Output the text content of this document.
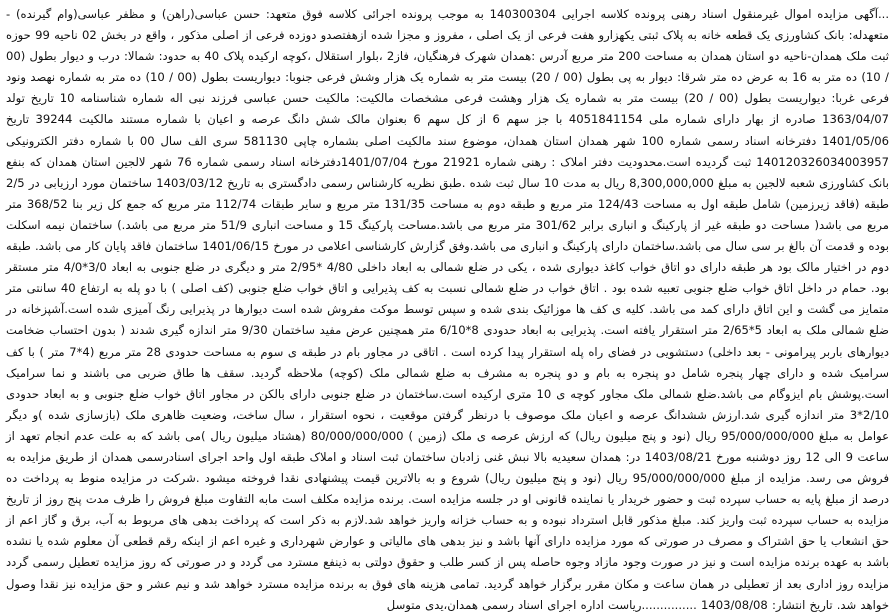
...آگهی مزایده اموال غیرمنقول اسناد رهنی پرونده کلاسه اجرایی 140300304 به موجب پرونده اجرائی کلاسه فوق متعهد: حسن عباسی(راهن) و مظفر عباسی(وام گیرنده) - متعهدله: بانک کشاورزی یک قطعه خانه به پلاک ثبتی یکهزارو هفت فرعی از یک اصلی ، مفروز و مجزا شده ازهفتصدو دوزده فرعی از اصلی مذکور ، واقع در بخش 02 ناحیه 99 حوزه ثبت ملک همدان-ناحیه دو استان همدان به مساحت 200 متر مربع آدرس :همدان شهرک فرهنگیان، فاز2 ،بلوار استقلال ،کوچه ارکیده پلاک 40 به حدود: شمالا: درب و دیوار بطول (00 / 10) ده متر به 16 به عرض ده متر شرقا: دیوار به پی بطول (00 / 20) بیست متر به شماره یک هزار وشش فرعی جنوبا: دیواریست بطول (00 / 10) ده متر به شماره نهصد ونود فرعی غربا: دیواریست بطول (00 / 20) بیست متر به شماره یک هزار وهشت فرعی مشخصات مالکیت: مالکیت حسن عباسی فرزند نبی اله شماره شناسنامه 10 تاریخ تولد 1363/04/07 صادره از بهار دارای شماره ملی 4051841154 با جز سهم 6 از کل سهم 6 بعنوان مالک شش دانگ عرصه و اعیان با شماره مستند مالکیت 39244 تاریخ 1401/05/06 دفترخانه اسناد رسمی شماره 100 شهر همدان استان همدان، موضوع سند مالکیت اصلی بشماره چاپی 581130 سری الف سال 00 با شماره دفتر الکترونیکی 140120326034003957 ثبت گردیده است.محدودیت دفتر املاک : رهنی شماره 21921 مورخ 1401/07/04دفترخانه اسناد رسمی شماره 76 شهر لالجین استان همدان که بنفع بانک کشاورزی شعبه لالجین به مبلغ 8,300,000,000 ریال به مدت 10 سال ثبت شده .طبق نظریه کارشناس رسمی دادگستری به تاریخ 1403/03/12 ساختمان مورد ارزیابی در 2/5 طبقه (فاقد زیرزمین) شامل طبقه اول به مساحت 124/43 متر مربع و طبقه دوم به مساحت 131/35 متر مربع و سایر طبقات 112/74 متر مربع که جمع کل زیر بنا 368/52 متر مربع می باشد( مساحت دو طبقه غیر از پارکینگ و انباری برابر 301/62 متر مربع می باشد.مساحت پارکینگ 15 و مساحت انباری 51/9 متر مربع می باشد.) ساختمان نیمه اسکلت بوده و قدمت آن بالغ بر سی سال می باشد.ساختمان دارای پارکینگ و انباری می باشد.وفق گزارش کارشناسی اعلامی در مورخ 1401/06/15 ساختمان فاقد پایان کار می باشد. طبقه دوم در اختیار مالک بود هر طبقه دارای دو اتاق خواب کاغذ دیواری شده ، یکی در ضلع شمالی به ابعاد داخلی 4/80 *2/95 متر و دیگری در ضلع جنوبی به ابعاد 3/0*4/0 متر مستقر بود. حمام در داخل اتاق خواب ضلع جنوبی تعبیه شده بود . اتاق خواب در ضلع شمالی نسبت به کف پذیرایی و اتاق خواب ضلع جنوبی (کف اصلی ) با دو پله به ارتفاع 40 سانتی متر متمایز می گشت و این اتاق دارای کمد می باشد. کلیه ی کف ها موزائیک بندی شده و سپس توسط موکت مفروش شده است دیوارها در پذیرایی رنگ آمیزی شده است.آشپزخانه در ضلع شمالی ملک به ابعاد 5*2/65 متر استقرار یافته است. پذیرایی به ابعاد حدودی 8*6/10 متر همچنین عرض مفید ساختمان 9/30 متر اندازه گیری شدند ( بدون احتساب ضخامت دیوارهای باربر پیرامونی - بعد داخلی) دستشویی در فضای راه پله استقرار پیدا کرده است . اتاقی در مجاور بام در طبقه ی سوم به مساحت حدودی 28 متر مربع (4*7 متر ) با کف سرامیک شده و دارای چهار پنجره شامل دو پنجره به بام و دو پنجره به مشرف به ضلع شمالی ملک (کوچه) ملاحظه گردید. سقف ها طاق ضربی می باشند و نما سرامیک است.پوشش بام ایزوگام می باشد.ضلع شمالی ملک مجاور کوچه ی 10 متری ارکیده است.ساختمان در ضلع جنوبی دارای بالکن در مجاور اتاق خواب ضلع جنوبی و به ابعاد حدودی 2/10*3 متر اندازه گیری شد.ارزش ششدانگ عرصه و اعیان ملک موصوف با درنظر گرفتن موقعیت ، نحوه استقرار ، سال ساخت، وضعیت ظاهری ملک (بازسازی شده )و دیگر عوامل به مبلغ 95/000/000/000 ریال (نود و پنج میلیون ریال) که ارزش عرصه ی ملک (زمین ) 80/000/000/000 (هشتاد میلیون ریال )می باشد که به علت عدم انجام تعهد از ساعت 9 الی 12 روز دوشنبه مورخ 1403/08/21 در: همدان سعیدیه بالا نبش غنی زادبان ساختمان ثبت اسناد و املاک طبقه اول واحد اجرای اسنادرسمی همدان از طریق مزایده به فروش می رسد. مزایده از مبلغ 95/000/000/000 ریال (نود و پنج میلیون ریال) شروع و به بالاترین قیمت پیشنهادی نقدا فروخته میشود .شرکت در مزایده منوط به پرداخت ده درصد از مبلغ پایه به حساب سپرده ثبت و حضور خریدار یا نماینده قانونی او در جلسه مزایده است. برنده مزایده مکلف است مابه التفاوت مبلغ فروش را ظرف مدت پنج روز از تاریخ مزایده به حساب سپرده ثبت واریز کند. مبلغ مذکور قابل استرداد نبوده و به حساب خزانه واریز خواهد شد.لازم به ذکر است که پرداخت بدهی های مربوط به آب، برق و گاز اعم از حق انشعاب یا حق اشتراک و مصرف در صورتی که مورد مزایده دارای آنها باشد و نیز بدهی های مالیاتی و عوارض شهرداری و غیره اعم از اینکه رقم قطعی آن معلوم شده یا نشده باشد به عهده برنده مزایده است و نیز در صورت وجود مازاد وجوه حاصله پس از کسر طلب و حقوق دولتی به ذینفع مسترد می گردد و در صورتی که روز مزایده تعطیل رسمی گردد مزایده روز اداری بعد از تعطیلی در همان ساعت و مکان مقرر برگزار خواهد گردید. تمامی هزینه های فوق به برنده مزایده مسترد خواهد شد و نیم عشر و حق مزایده نیز نقدا وصول خواهد شد. تاریخ انتشار: 1403/08/08 ...............ریاست اداره اجرای اسناد رسمی همدان،یدی متوسل
